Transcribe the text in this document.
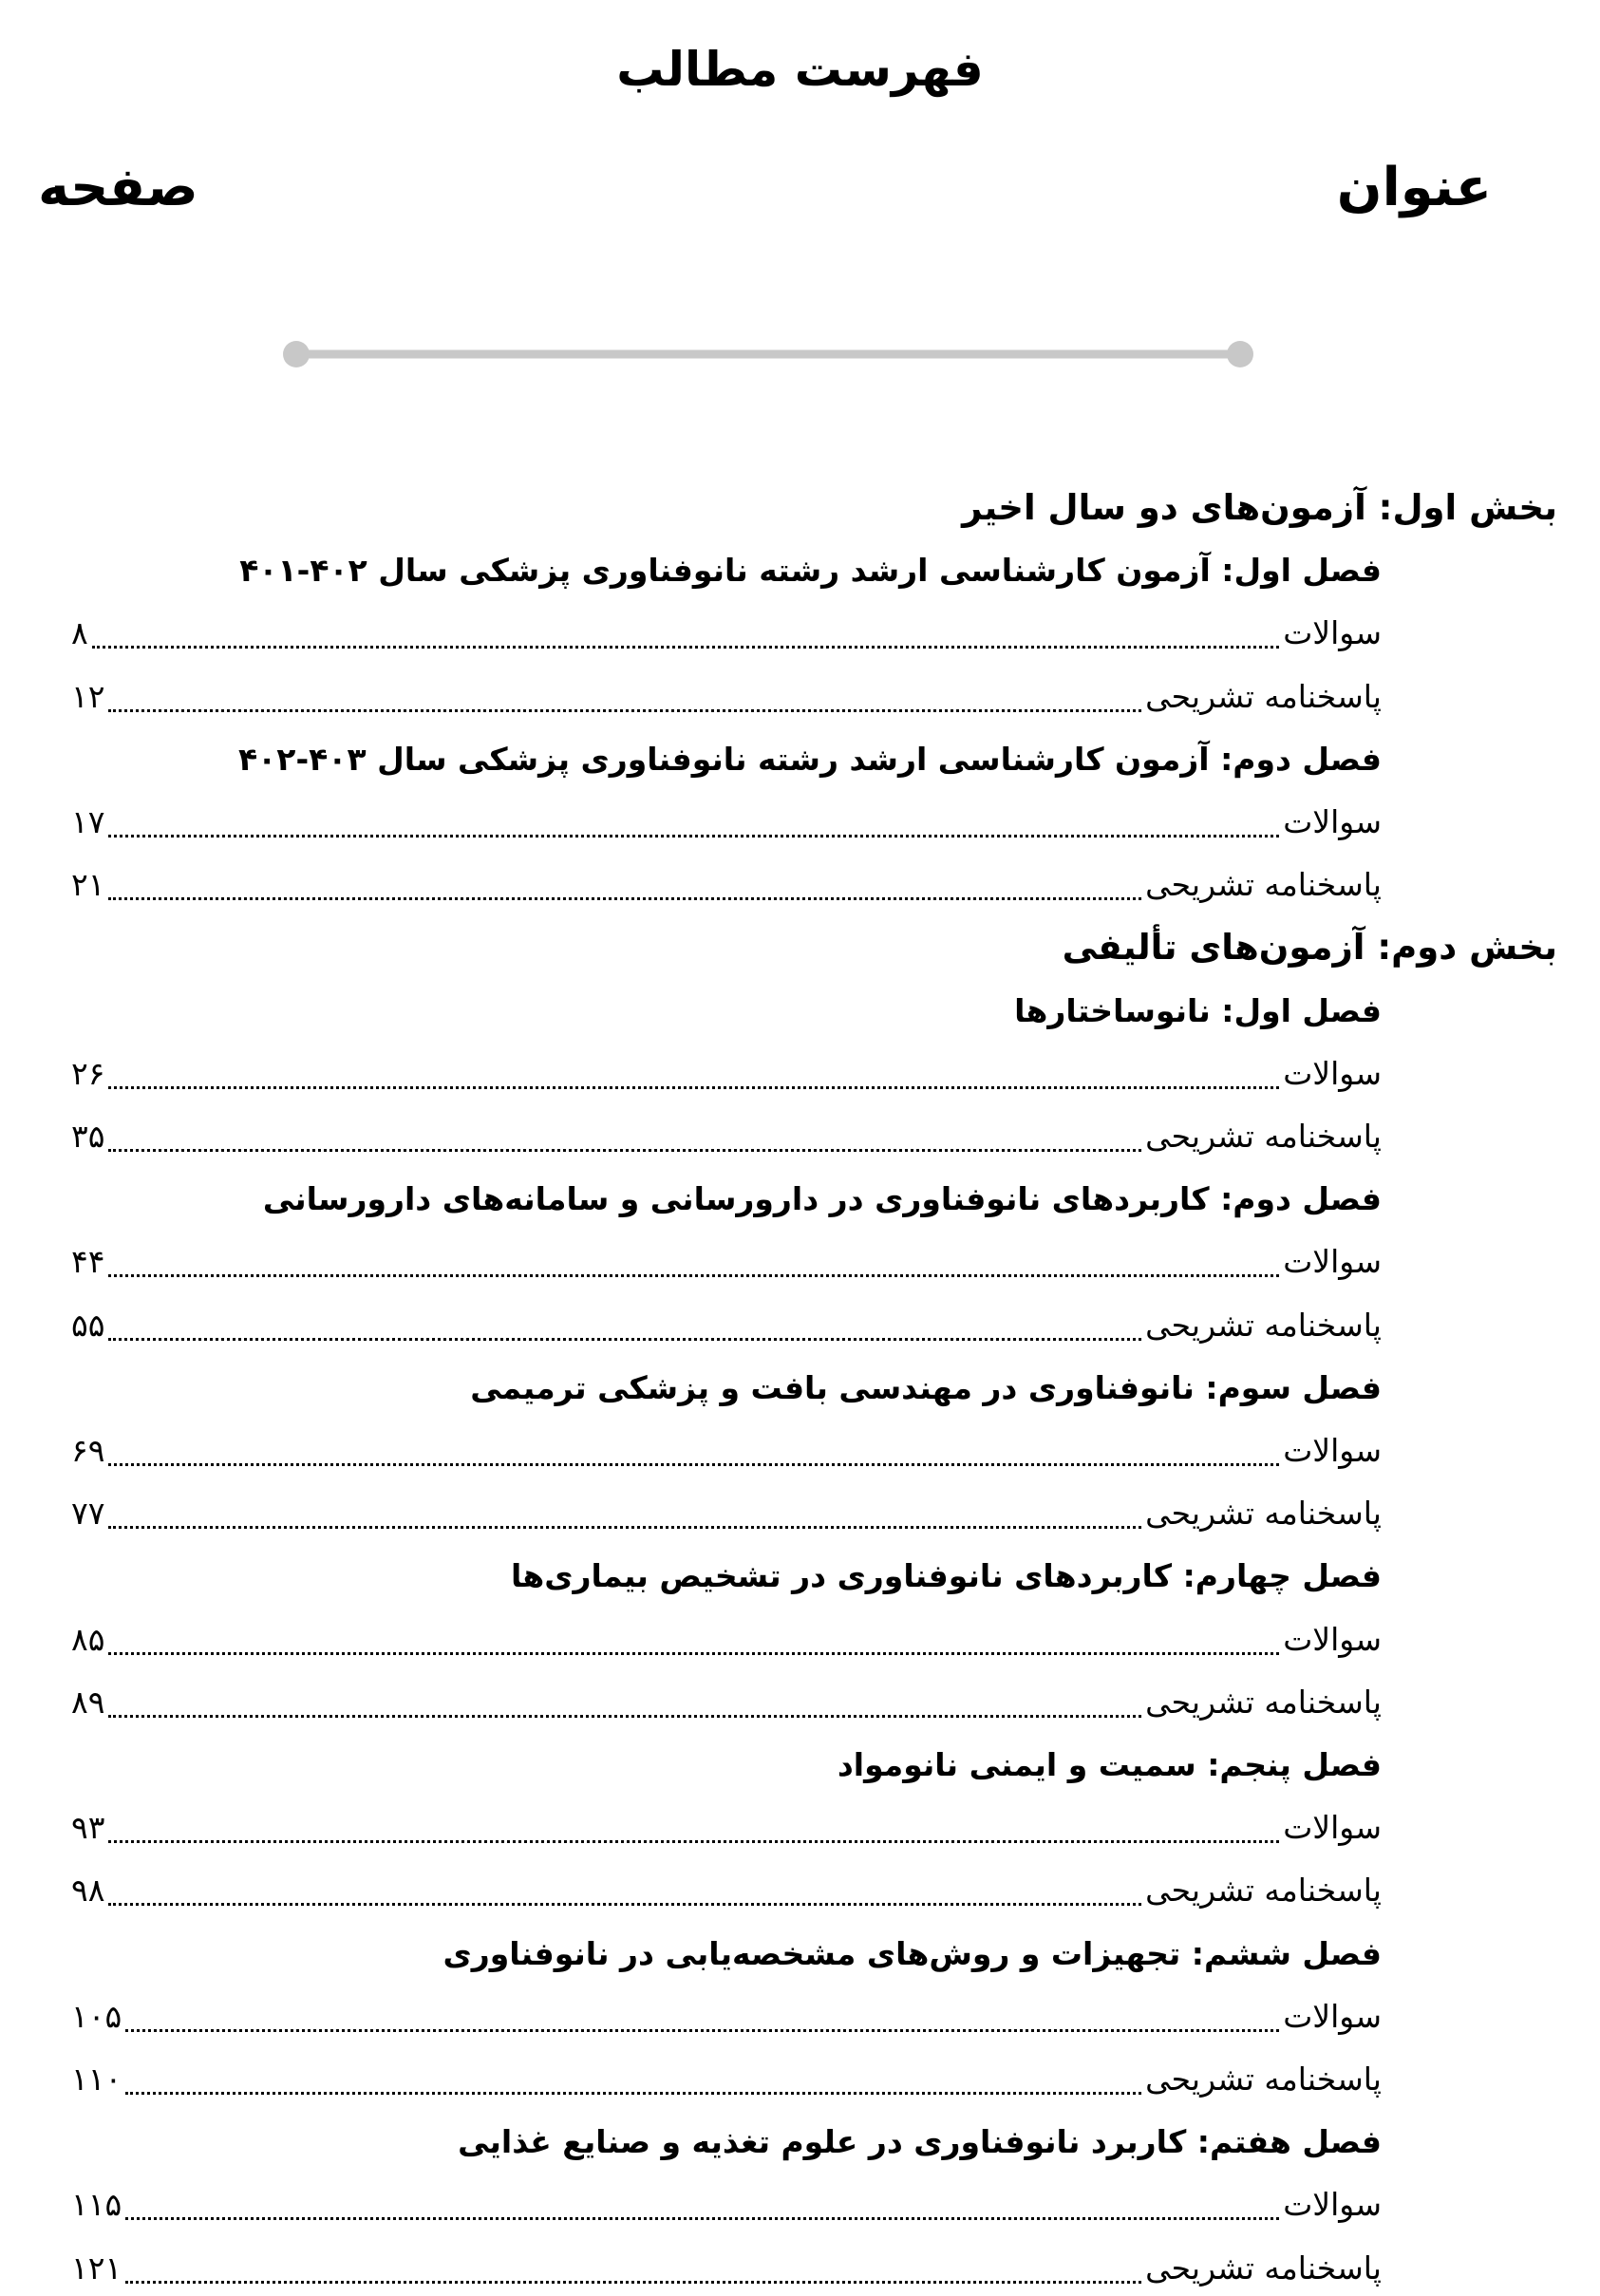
فهرست مطالب
عنوان
صفحه
بخش اول: آزمون‌های دو سال اخیر
فصل اول: آزمون کارشناسی ارشد رشته نانوفناوری پزشکی سال ۴۰۲-۴۰۱
سوالات
۸
پاسخنامه تشریحی
۱۲
فصل دوم: آزمون کارشناسی ارشد رشته نانوفناوری پزشکی سال ۴۰۳-۴۰۲
سوالات
۱۷
پاسخنامه تشریحی
۲۱
بخش دوم: آزمون‌های تألیفی
فصل اول: نانوساختارها
سوالات
۲۶
پاسخنامه تشریحی
۳۵
فصل دوم: کاربردهای نانوفناوری در دارورسانی و سامانه‌های دارورسانی
سوالات
۴۴
پاسخنامه تشریحی
۵۵
فصل سوم: نانوفناوری در مهندسی بافت و پزشکی ترمیمی
سوالات
۶۹
پاسخنامه تشریحی
۷۷
فصل چهارم: کاربردهای نانوفناوری در تشخیص بیماری‌ها
سوالات
۸۵
پاسخنامه تشریحی
۸۹
فصل پنجم: سمیت و ایمنی نانومواد
سوالات
۹۳
پاسخنامه تشریحی
۹۸
فصل ششم: تجهیزات و روش‌های مشخصه‌یابی در نانوفناوری
سوالات
۱۰۵
پاسخنامه تشریحی
۱۱۰
فصل هفتم: کاربرد نانوفناوری در علوم تغذیه و صنایع غذایی
سوالات
۱۱۵
پاسخنامه تشریحی
۱۲۱
